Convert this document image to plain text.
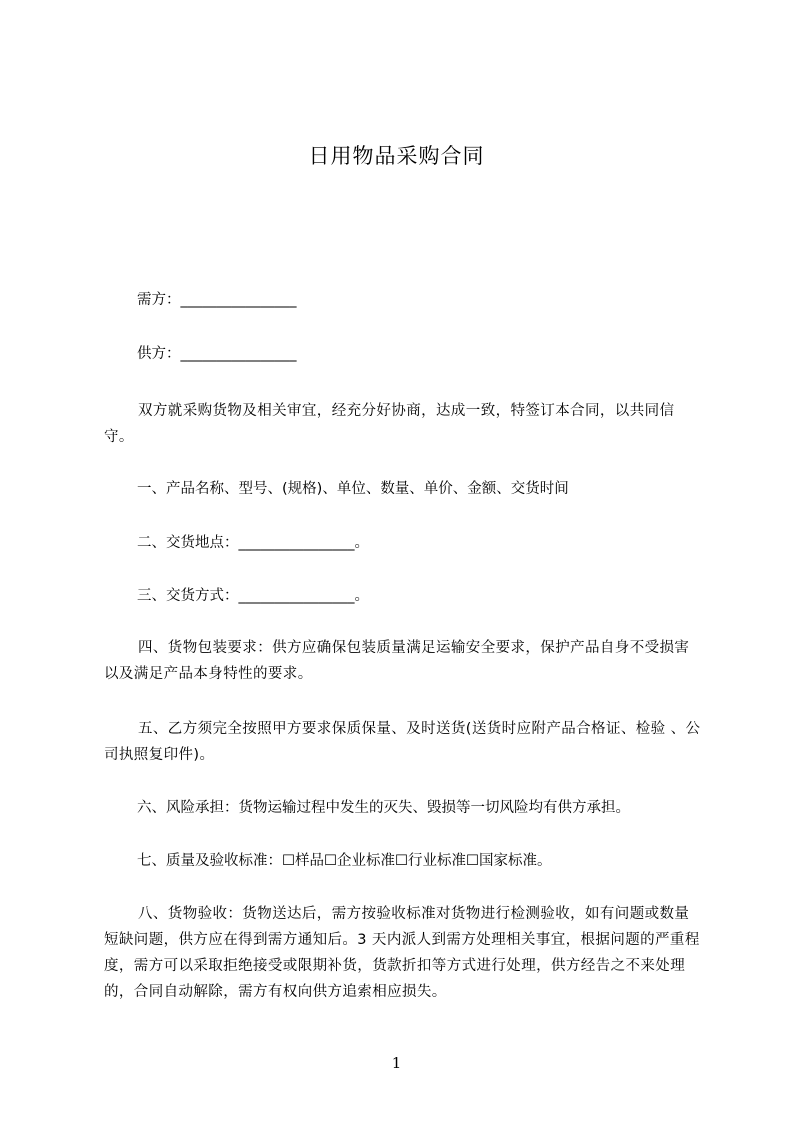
日用物品采购合同
需方：________________
供方：________________
双方就采购货物及相关审宜，经充分好协商，达成一致，特签订本合同，以共同信守。
一、产品名称、型号、(规格)、单位、数量、单价、金额、交货时间
二、交货地点：________________。
三、交货方式：________________。
四、货物包装要求：供方应确保包装质量满足运输安全要求，保护产品自身不受损害以及满足产品本身特性的要求。
五、乙方须完全按照甲方要求保质保量、及时送货(送货时应附产品合格证、检验 、公司执照复印件)。
六、风险承担：货物运输过程中发生的灭失、毁损等一切风险均有供方承担。
七、质量及验收标准：☐样品☐企业标准☐行业标准☐国家标准。
八、货物验收：货物送达后，需方按验收标准对货物进行检测验收，如有问题或数量短缺问题，供方应在得到需方通知后。3 天内派人到需方处理相关事宜，根据问题的严重程度，需方可以采取拒绝接受或限期补货，货款折扣等方式进行处理，供方经告之不来处理的，合同自动解除，需方有权向供方追索相应损失。
1
